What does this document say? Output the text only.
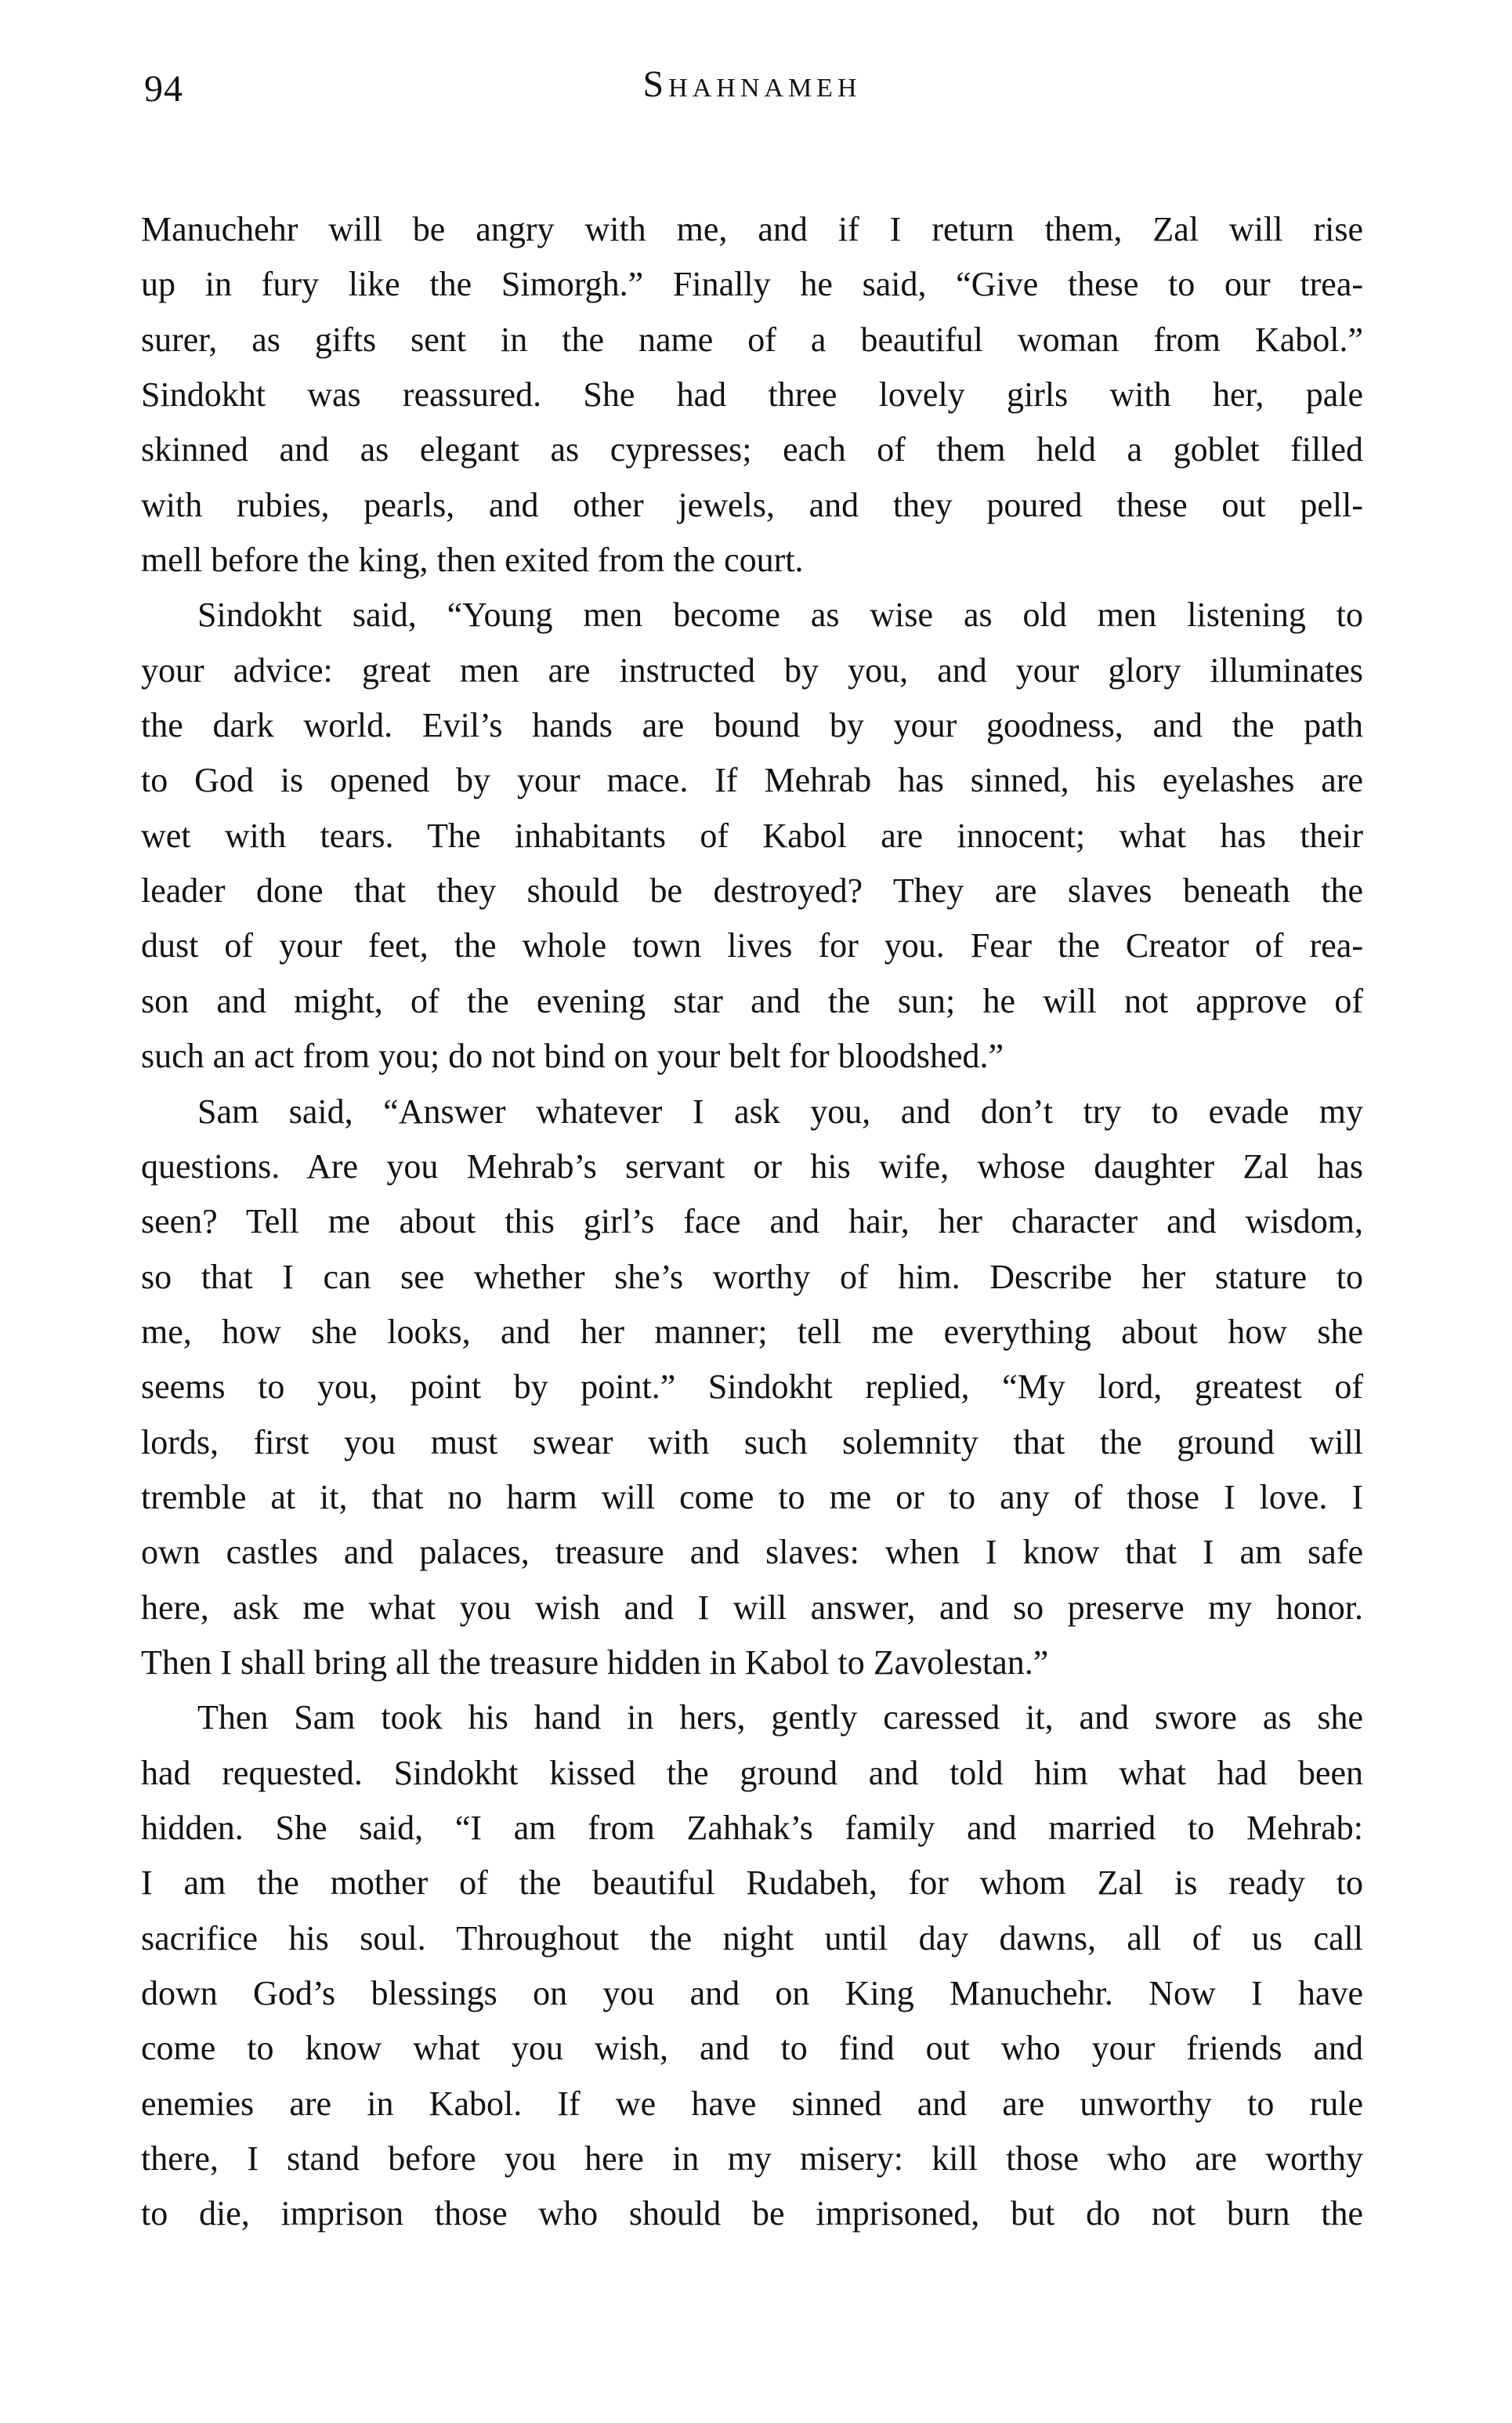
94	Shahnameh
Manuchehr will be angry with me, and if I return them, Zal will rise
up in fury like the Simorgh.” Finally he said, “Give these to our trea-
surer, as gifts sent in the name of a beautiful woman from Kabol.”
Sindokht was reassured. She had three lovely girls with her, pale
skinned and as elegant as cypresses; each of them held a goblet filled
with rubies, pearls, and other jewels, and they poured these out pell-
mell before the king, then exited from the court.
Sindokht said, “Young men become as wise as old men listening to
your advice: great men are instructed by you, and your glory illuminates
the dark world. Evil’s hands are bound by your goodness, and the path
to God is opened by your mace. If Mehrab has sinned, his eyelashes are
wet with tears. The inhabitants of Kabol are innocent; what has their
leader done that they should be destroyed? They are slaves beneath the
dust of your feet, the whole town lives for you. Fear the Creator of rea-
son and might, of the evening star and the sun; he will not approve of
such an act from you; do not bind on your belt for bloodshed.”
Sam said, “Answer whatever I ask you, and don’t try to evade my
questions. Are you Mehrab’s servant or his wife, whose daughter Zal has
seen? Tell me about this girl’s face and hair, her character and wisdom,
so that I can see whether she’s worthy of him. Describe her stature to
me, how she looks, and her manner; tell me everything about how she
seems to you, point by point.” Sindokht replied, “My lord, greatest of
lords, first you must swear with such solemnity that the ground will
tremble at it, that no harm will come to me or to any of those I love. I
own castles and palaces, treasure and slaves: when I know that I am safe
here, ask me what you wish and I will answer, and so preserve my honor.
Then I shall bring all the treasure hidden in Kabol to Zavolestan.”
Then Sam took his hand in hers, gently caressed it, and swore as she
had requested. Sindokht kissed the ground and told him what had been
hidden. She said, “I am from Zahhak’s family and married to Mehrab:
I am the mother of the beautiful Rudabeh, for whom Zal is ready to
sacrifice his soul. Throughout the night until day dawns, all of us call
down God’s blessings on you and on King Manuchehr. Now I have
come to know what you wish, and to find out who your friends and
enemies are in Kabol. If we have sinned and are unworthy to rule
there, I stand before you here in my misery: kill those who are worthy
to die, imprison those who should be imprisoned, but do not burn the
